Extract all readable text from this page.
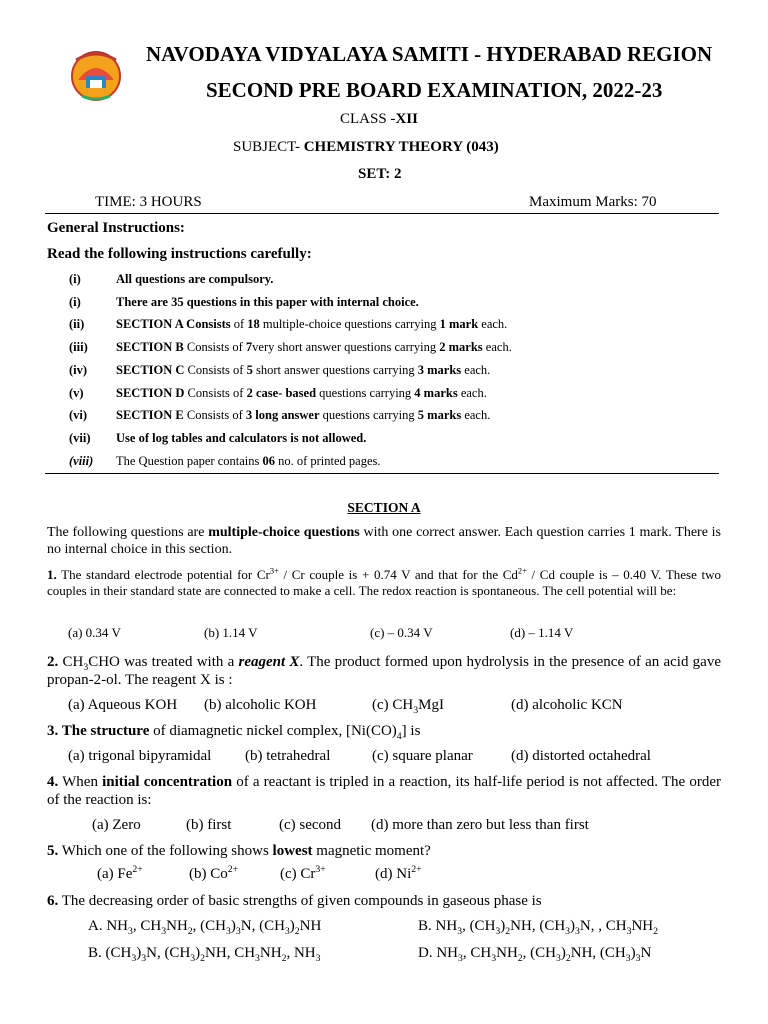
NAVODAYA VIDYALAYA SAMITI - HYDERABAD REGION
SECOND PRE BOARD EXAMINATION, 2022-23
CLASS -XII
SUBJECT- CHEMISTRY THEORY (043)
SET: 2
TIME: 3 HOURS	Maximum Marks: 70
General Instructions:
Read the following instructions carefully:
(i)	All questions are compulsory.
(i)	There are 35 questions in this paper with internal choice.
(ii)	SECTION A Consists of 18 multiple-choice questions carrying 1 mark each.
(iii) SECTION B Consists of 7very short answer questions carrying 2 marks each.
(iv) SECTION C Consists of 5 short answer questions carrying 3 marks each.
(v)	SECTION D Consists of 2 case- based questions carrying 4 marks each.
(vi) SECTION E Consists of 3 long answer questions carrying 5 marks each.
(vii) Use of log tables and calculators is not allowed.
(viii) The Question paper contains 06 no. of printed pages.
SECTION A
The following questions are multiple-choice questions with one correct answer. Each question carries 1 mark. There is no internal choice in this section.
1. The standard electrode potential for $Cr^{3+}$ / Cr couple is + 0.74 V and that for the $Cd^{2+}$ / Cd couple is – 0.40 V. These two couples in their standard state are connected to make a cell. The redox reaction is spontaneous. The cell potential will be:
(a) 0.34 V	(b) 1.14 V	(c) – 0.34 V	(d) – 1.14 V
2. $CH_3CHO$ was treated with a reagent X. The product formed upon hydrolysis in the presence of an acid gave propan-2-ol. The reagent X is :
(a) Aqueous KOH (b) alcoholic KOH	(c) $CH_3MgI$	(d) alcoholic KCN
3. The structure of diamagnetic nickel complex, $[Ni(CO)_4]$ is
(a) trigonal bipyramidal (b) tetrahedral	(c) square planar	(d) distorted octahedral
4. When initial concentration of a reactant is tripled in a reaction, its half-life period is not affected. The order of the reaction is:
(a) Zero	(b) first	(c) second (d) more than zero but less than first
5. Which one of the following shows lowest magnetic moment?
(a) $Fe^{2+}$	(b) $Co^{2+}$	(c) $Cr^{3+}$	(d) $Ni^{2+}$
6. The decreasing order of basic strengths of given compounds in gaseous phase is
A. $NH_3$, $CH_3NH_2$, $(CH_3)_3N$, $(CH_3)_2NH$	B. $NH_3$, $(CH_3)_2NH$, $(CH_3)_3N$, , $CH_3NH_2$
B. $(CH_3)_3N$, $(CH_3)_2NH$, $CH_3NH_2$, $NH_3$	D. $NH_3$, $CH_3NH_2$, $(CH_3)_2NH$, $(CH_3)_3N$
